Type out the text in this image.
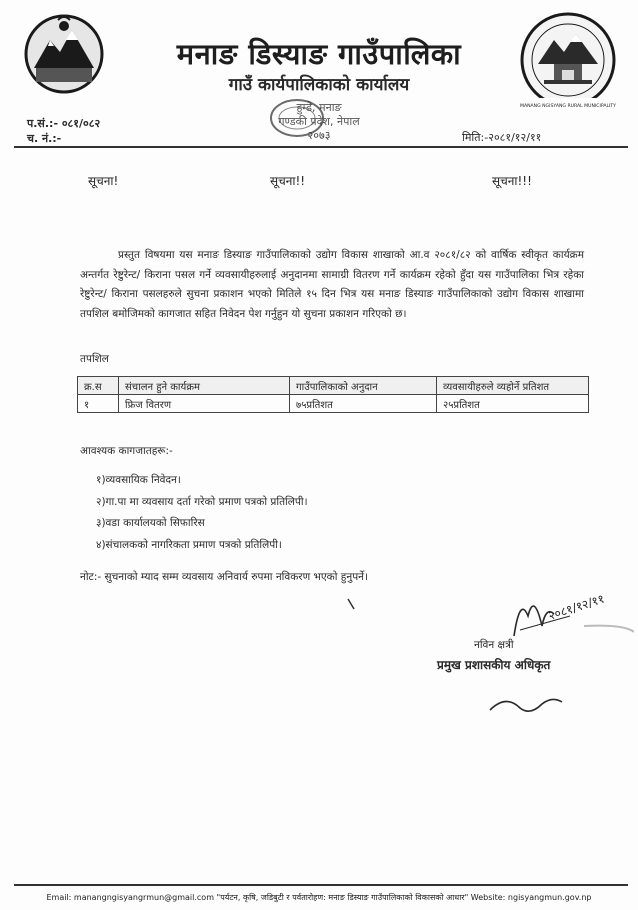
मनाङ डिस्याङ गाउँपालिका
गाउँ कार्यपालिकाको कार्यालय
हुम्डे, मनाङ
गण्डकी प्रदेश, नेपाल
२०७३
MANANG NGISYANG RURAL MUNICIPALITY
प.सं.:- ०८१/०८२
च. नं.:-	मिति:-२०८१/१२/११
सूचना!	सूचना!!	सूचना!!!
प्रस्तुत विषयमा यस मनाङ डिस्याङ गाउँपालिकाको उद्योग विकास शाखाको आ.व २०८१/८२ को वार्षिक स्वीकृत कार्यक्रम अन्तर्गत रेष्टुरेन्ट/ किराना पसल गर्ने व्यवसायीहरुलाई अनुदानमा सामाग्री वितरण गर्ने कार्यक्रम रहेको हुँदा यस गाउँपालिका भित्र रहेका रेष्टुरेन्ट/ किराना पसलहरुले सुचना प्रकाशन भएको मितिले १५ दिन भित्र यस मनाङ डिस्याङ गाउँपालिकाको उद्योग विकास शाखामा तपशिल बमोजिमको कागजात सहित निवेदन पेश गर्नुहुन यो सुचना प्रकाशन गरिएको छ।
तपशिल
क्र.स	संचालन हुने कार्यक्रम	गाउँपालिकाको अनुदान	व्यवसायीहरुले व्यहोर्ने प्रतिशत
१	फ्रिज वितरण	७५प्रतिशत	२५प्रतिशत
आवश्यक कागजातहरू:-
१)व्यवसायिक निवेदन।
२)गा.पा मा व्यवसाय दर्ता गरेको प्रमाण पत्रको प्रतिलिपी।
३)वडा कार्यालयको सिफारिस
४)संचालकको नागरिकता प्रमाण पत्रको प्रतिलिपी।
नोट:- सुचनाको म्याद सम्म व्यवसाय अनिवार्य रुपमा नविकरण भएको हुनुपर्ने।
२०८१/१२/११
नविन क्षत्री
प्रमुख प्रशासकीय अधिकृत
Email: manangngisyangrmun@gmail.com "पर्यटन, कृषि, जडिबुटी र पर्वतारोहण: मनाङ डिस्याङ गाउँपालिकाको विकासको आधार" Website: ngisyangmun.gov.np
